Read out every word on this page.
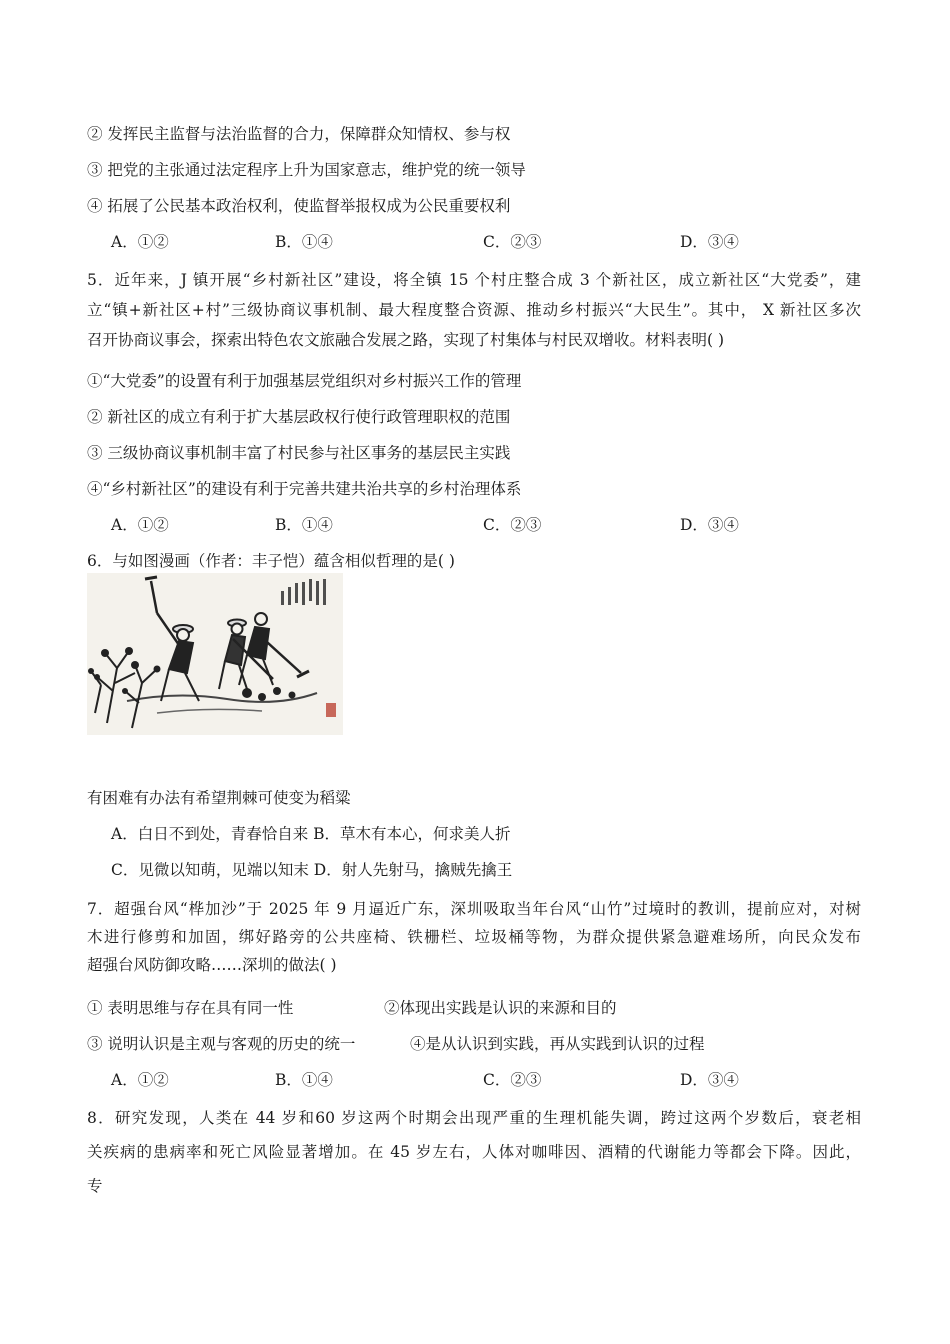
② 发挥民主监督与法治监督的合力，保障群众知情权、参与权
③ 把党的主张通过法定程序上升为国家意志，维护党的统一领导
④ 拓展了公民基本政治权利，使监督举报权成为公民重要权利
A．①②	B．①④	C．②③	D．③④
5．近年来，J 镇开展“乡村新社区”建设，将全镇 15 个村庄整合成 3 个新社区，成立新社区“大党委”，建
立“镇+新社区+村”三级协商议事机制、最大程度整合资源、推动乡村振兴“大民生”。其中， X 新社区多次
召开协商议事会，探索出特色农文旅融合发展之路，实现了村集体与村民双增收。材料表明( )
①“大党委”的设置有利于加强基层党组织对乡村振兴工作的管理
② 新社区的成立有利于扩大基层政权行使行政管理职权的范围
③ 三级协商议事机制丰富了村民参与社区事务的基层民主实践
④“乡村新社区”的建设有利于完善共建共治共享的乡村治理体系
A．①②	B．①④	C．②③	D．③④
6．与如图漫画（作者：丰子恺）蕴含相似哲理的是( )
有困难有办法有希望荆棘可使变为稻粱
A．白日不到处，青春恰自来 B．草木有本心，何求美人折
C．见微以知萌，见端以知末 D．射人先射马，擒贼先擒王
7．超强台风“桦加沙”于 2025 年 9 月逼近广东，深圳吸取当年台风“山竹”过境时的教训，提前应对，对树
木进行修剪和加固，绑好路旁的公共座椅、铁栅栏、垃圾桶等物，为群众提供紧急避难场所，向民众发布
超强台风防御攻略……深圳的做法( )
① 表明思维与存在具有同一性	②体现出实践是认识的来源和目的
③ 说明认识是主观与客观的历史的统一	④是从认识到实践，再从实践到认识的过程
A．①②	B．①④	C．②③	D．③④
8．研究发现，人类在 44 岁和60 岁这两个时期会出现严重的生理机能失调，跨过这两个岁数后，衰老相
关疾病的患病率和死亡风险显著增加。在 45 岁左右，人体对咖啡因、酒精的代谢能力等都会下降。因此，
专
